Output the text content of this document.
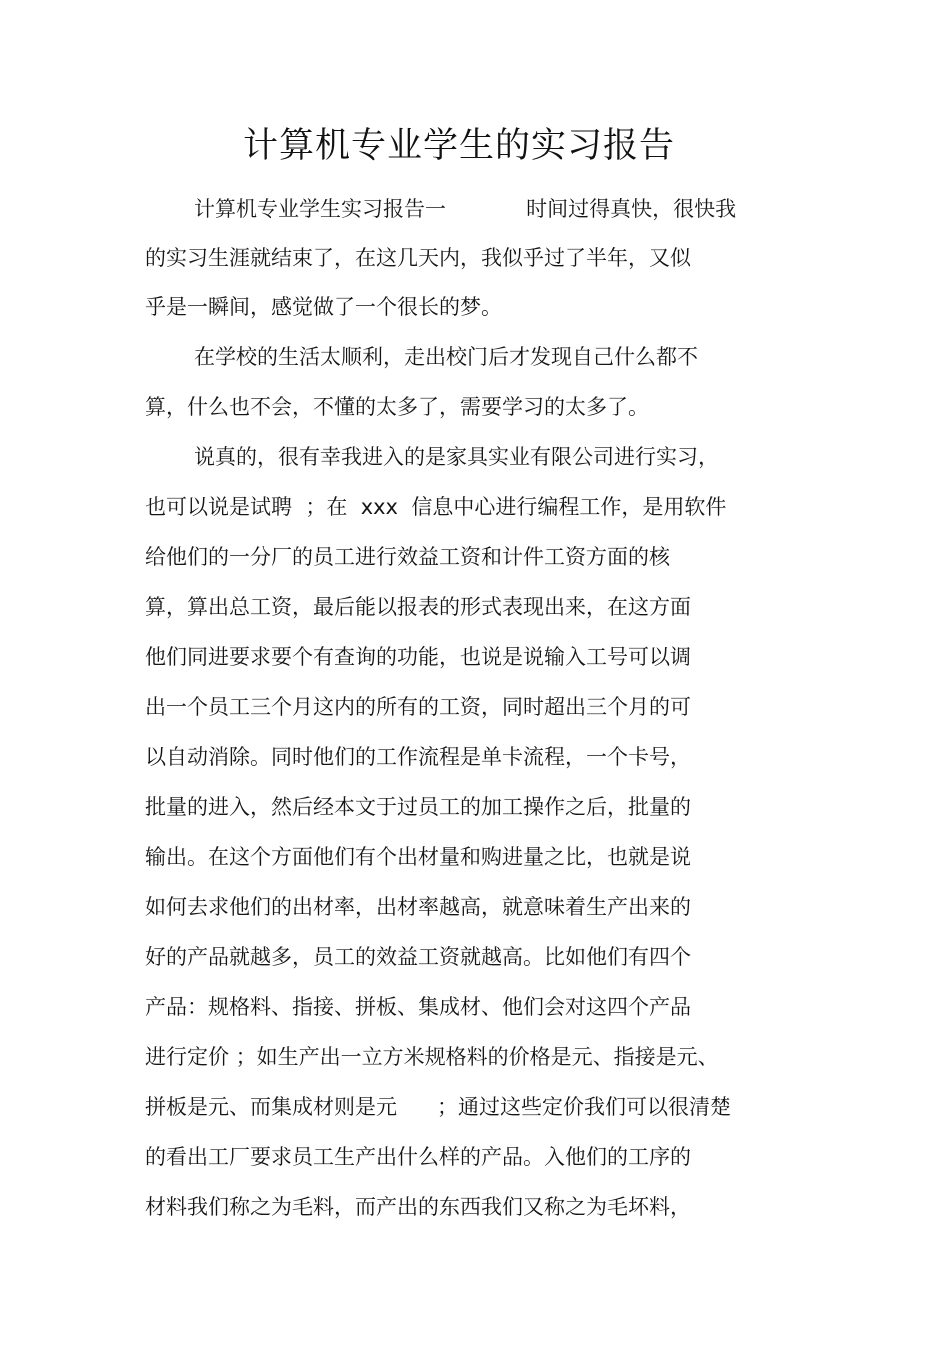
计算机专业学生的实习报告
计算机专业学生实习报告一            时间过得真快，很快我
的实习生涯就结束了，在这几天内，我似乎过了半年，又似
乎是一瞬间，感觉做了一个很长的梦。
在学校的生活太顺利，走出校门后才发现自己什么都不
算，什么也不会，不懂的太多了，需要学习的太多了。
说真的，很有幸我进入的是家具实业有限公司进行实习，
也可以说是试聘  ；在  xxx  信息中心进行编程工作，是用软件
给他们的一分厂的员工进行效益工资和计件工资方面的核
算，算出总工资，最后能以报表的形式表现出来，在这方面
他们同进要求要个有查询的功能，也说是说输入工号可以调
出一个员工三个月这内的所有的工资，同时超出三个月的可
以自动消除。同时他们的工作流程是单卡流程，一个卡号，
批量的进入，然后经本文于过员工的加工操作之后，批量的
输出。在这个方面他们有个出材量和购进量之比，也就是说
如何去求他们的出材率，出材率越高，就意味着生产出来的
好的产品就越多，员工的效益工资就越高。比如他们有四个
产品：规格料、指接、拼板、集成材、他们会对这四个产品
进行定价 ；如生产出一立方米规格料的价格是元、指接是元、
拼板是元、而集成材则是元      ；通过这些定价我们可以很清楚
的看出工厂要求员工生产出什么样的产品。入他们的工序的
材料我们称之为毛料，而产出的东西我们又称之为毛坏料，
